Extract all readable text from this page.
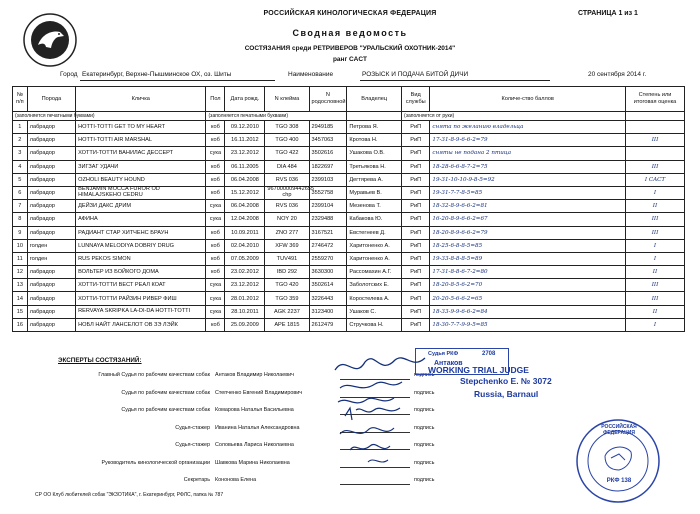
РОССИЙСКАЯ КИНОЛОГИЧЕСКАЯ ФЕДЕРАЦИЯ	СТРАНИЦА 1 из 1
Сводная ведомость
СОСТЯЗАНИЯ среди РЕТРИВЕРОВ "УРАЛЬСКИЙ ОХОТНИК-2014"
ранг CACT
Город Екатеринбург, Верхне-Пышминское ОХ, оз. Шиты	Наименование	РОЗЫСК И ПОДАЧА БИТОЙ ДИЧИ	20 сентября 2014 г.
№ п/п	Порода	Кличка	Пол	Дата рожд.	N клейма	N родословной	Владелец	Вид службы	Количе-ство баллов	Степень или итоговая оценка
(заполняется печатными буквами)			(заполняется печатными буквами)					(заполняется от руки)		
1	лабрадор	HOTTI-TOTTI GET TO MY HEART	коб	09.12.2010	TGO 308	2949185	Петрова Я.	РиП	снята по желанию владельца	
2	лабрадор	HOTTI-TOTTI AIR MARSHAL	коб	16.11.2012	TGO 400	3457063	Кротова Н.	РиП	17-31-8-9-6-6-2=79	III
3	лабрадор	ХОТТИ-ТОТТИ ВАНИЛАС ДЕССЕРТ	сука	23.12.2012	TGO 422	3502616	Ушакова О.В.	РиП	сняты не подана 2 птица	
4	лабрадор	ЗИГЗАГ УДАЧИ	коб	06.11.2005	DIA 484	1822697	Третьякова Н.	РиП	18-28-6-6-8-7-2=75	III
5	лабрадор	OZHOLI BEAUTY HOUND	коб	06.04.2008	RVS 036	2399103	Дегтярева А.	РиП	19-31-10-10-9-8-5=92	I СACT
6	лабрадор	BENJAMIN MOCCA FUROR OD HIMALAJSKEHO CEDRU	коб	15.12.2012	967000009442655 chp	3552758	Муравьев В.	РиП	19-31-7-7-8-5=85	I
7	лабрадор	ДЕЙЗИ ДАКС ДРИМ	сука	06.04.2008	RVS 036	2399104	Мезенова Т.	РиП	18-32-8-9-6-6-2=81	II
8	лабрадор	АФИНА	сука	12.04.2008	NOY 20	2329488	Кабакова Ю.	РиП	16-20-8-9-6-6-2=67	III
9	лабрадор	РАДИАНТ СТАР ХИТЧЕНС БРАУН	коб	10.09.2011	ZNO 277	3167521	Евстегнеев Д.	РиП	18-20-8-9-6-6-2=79	III
10	голден	LUNNAYA MELODIYA DOBRIY DRUG	коб	02.04.2010	XFW 369	2746472	Харитоненко А.	РиП	18-25-6-8-8-5=85	I
11	голден	RUS PEKOS SIMON	коб	07.05.2009	TUV491	2559270	Харитоненко А.	РиП	19-33-8-8-8-5=89	I
12	лабрадор	ВОЛЬТЕР ИЗ БОЙКОГО ДОМА	коб	23.02.2012	IBD 292	3630300	Рассомахин А.Г.	РиП	17-31-8-8-6-7-2=80	II
13	лабрадор	ХОТТИ-ТОТТИ ВЕСТ РЕАЛ КОАТ	сука	23.12.2012	TGO 420	3502614	Заболотских Е.	РиП	18-20-8-5-6-2=70	III
14	лабрадор	ХОТТИ-ТОТТИ РАЙЗИН РИВЕР ФИШ	сука	28.01.2012	TGO 359	3226443	Коростелева А.	РиП	20-20-5-6-6-2=65	III
15	лабрадор	RERVAYA SKRIPKA LA-DI-DA HOTTI-TOTTI	сука	28.10.2011	AGK 2237	3123400	Ушаков С.	РиП	18-33-9-9-6-6-2=84	II
16	лабрадор	НОБЛ НАЙТ ЛАНСЕЛОТ ОВ ЗЭ ЛЭЙК	коб	25.09.2009	APE 1815	2612479	Стручкова Н.	РиП	18-30-7-7-9-9-5=85	I
ЭКСПЕРТЫ СОСТЯЗАНИЙ:
Главный Судья по рабочим качествам собак Антаков Владимир Николаевич	подпись
Судья по рабочим качествам собак Степченко Евгений Владимирович	подпись
Судья по рабочим качествам собак Комарова Наталья Васильевна	подпись
Судья-стажер Иванина Наталья Александровна	подпись
Судья-стажер Соловьева Лариса Николаевна	подпись
Руководитель кинологической организации Шавкова Марина Николаевна	подпись
Секретарь Кононова Елена	подпись
Судья РКФ
Антаков
2708
WORKING TRIAL JUDGE
Stepchenko E. № 3072
Russia, Barnaul
РОССИЙСКАЯ ФЕДЕРАЦИЯ
РКФ 138
СР ОО Клуб любителей собак "ЭКЗОТИКА", г. Екатеринбург, РФЛС, папка № 787
